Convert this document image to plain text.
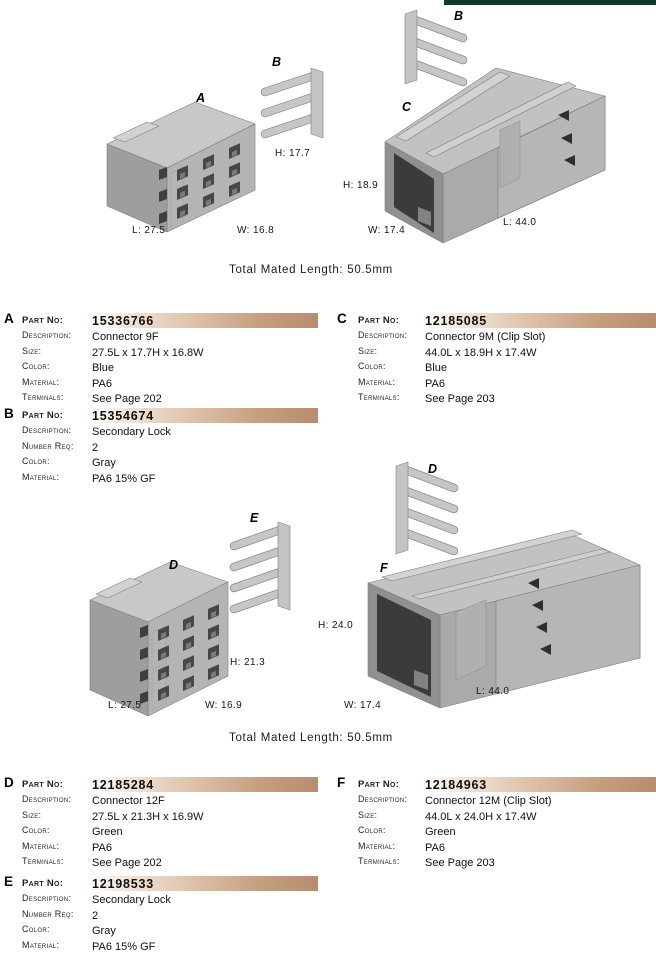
B
A
H: 17.7
L: 27.5	W: 16.8
B
C
H: 18.9
W: 17.4
L: 44.0
Total Mated Length: 50.5mm
A Part No: 15336766
Description: Connector 9F
Size:	27.5L x 17.7H x 16.8W
Color:	Blue
Material:	PA6
Terminals:	See Page 202
C Part No: 12185085
Description: Connector 9M (Clip Slot)
Size:	44.0L x 18.9H x 17.4W
Color:	Blue
Material:	PA6
Terminals: See Page 203
B Part No: 15354674
Description: Secondary Lock
Number Req: 2
Color:	Gray
Material:	PA6 15% GF
E
D
H: 21.3
L: 27.5	W: 16.9
D
F
H: 24.0
L: 44.0
W: 17.4
Total Mated Length: 50.5mm
D Part No: 12185284
Description: Connector 12F
Size:	27.5L x 21.3H x 16.9W
Color:	Green
Material:	PA6
Terminals:	See Page 202
F Part No: 12184963
Description: Connector 12M (Clip Slot)
Size:	44.0L x 24.0H x 17.4W
Color:	Green
Material:	PA6
Terminals: See Page 203
E Part No: 12198533
Description: Secondary Lock
Number Req: 2
Color:	Gray
Material:	PA6 15% GF
